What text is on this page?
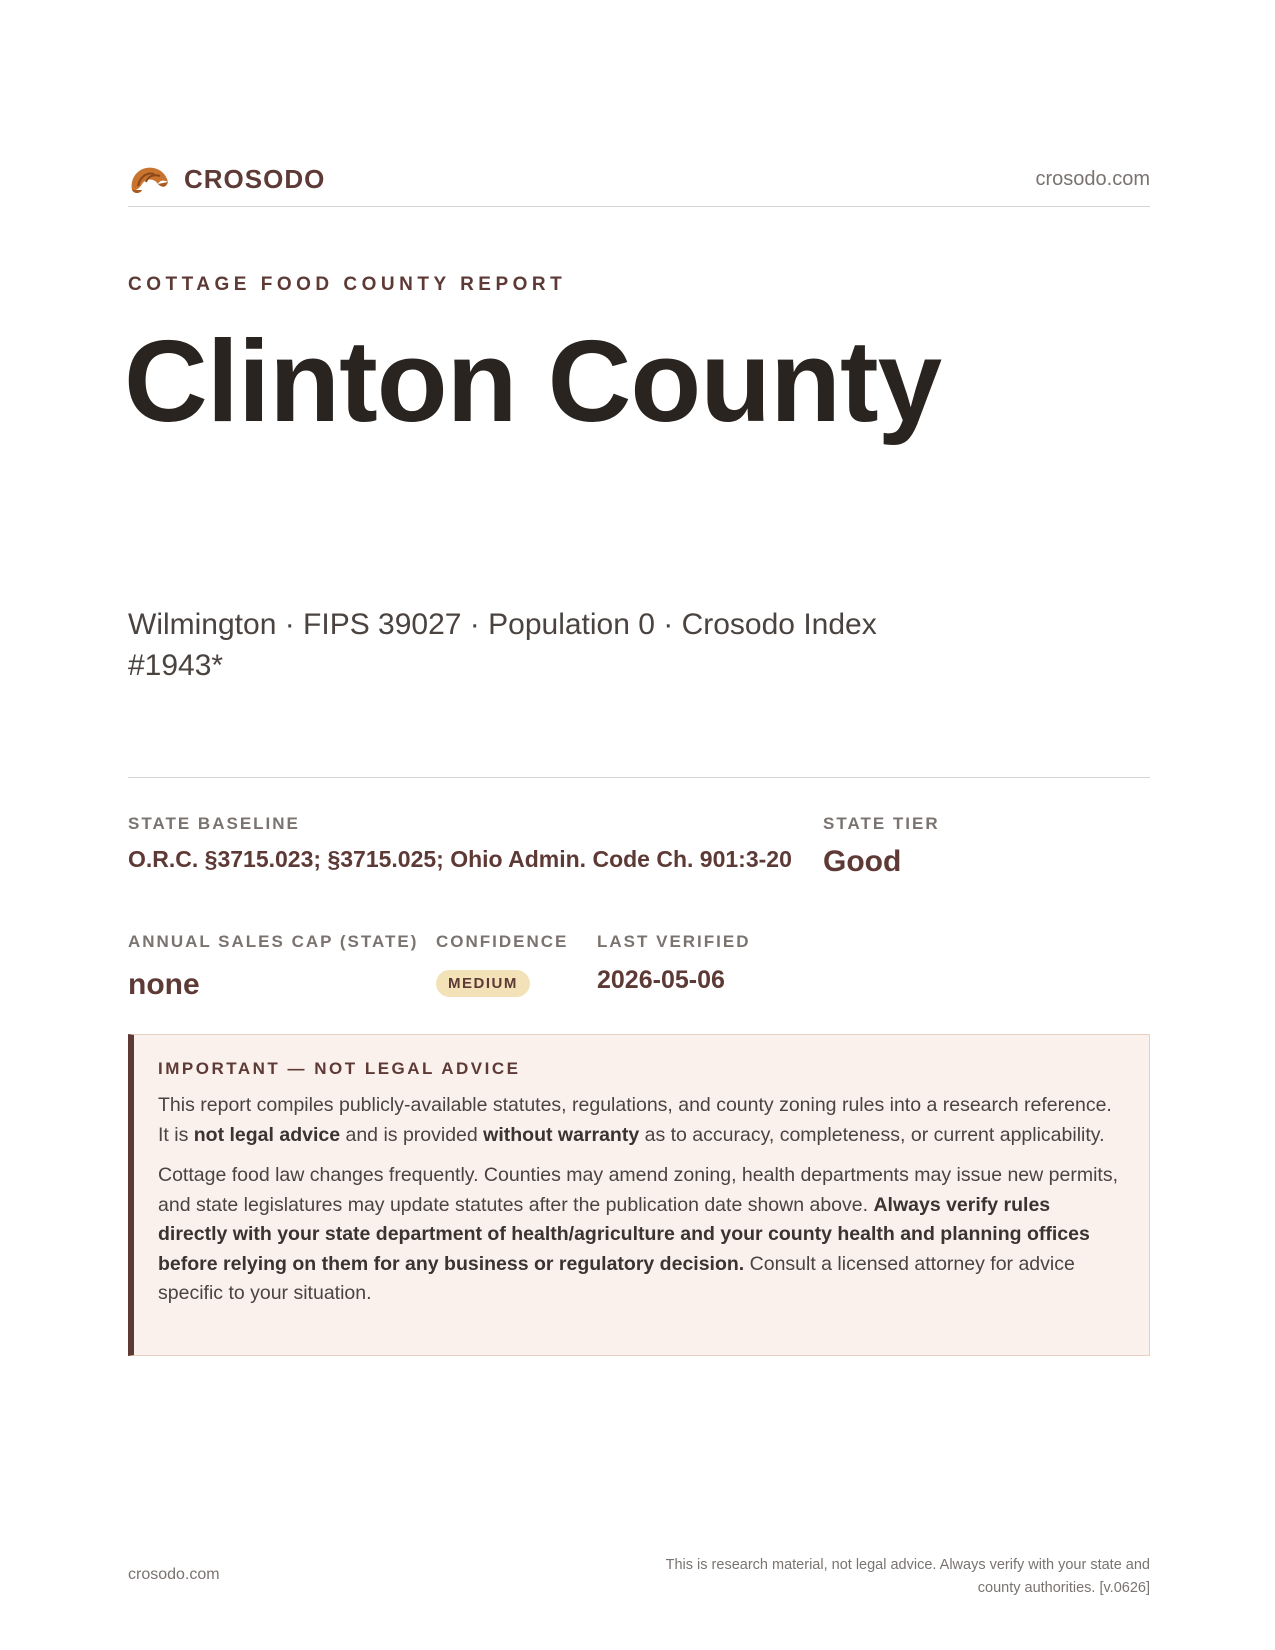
CROSODO	crosodo.com
COTTAGE FOOD COUNTY REPORT
Clinton County
Wilmington · FIPS 39027 · Population 0 · Crosodo Index #1943*
STATE BASELINE
O.R.C. §3715.023; §3715.025; Ohio Admin. Code Ch. 901:3-20
STATE TIER
Good
ANNUAL SALES CAP (STATE)
none
CONFIDENCE
MEDIUM
LAST VERIFIED
2026-05-06
IMPORTANT — NOT LEGAL ADVICE

This report compiles publicly-available statutes, regulations, and county zoning rules into a research reference. It is not legal advice and is provided without warranty as to accuracy, completeness, or current applicability.

Cottage food law changes frequently. Counties may amend zoning, health departments may issue new permits, and state legislatures may update statutes after the publication date shown above. Always verify rules directly with your state department of health/agriculture and your county health and planning offices before relying on them for any business or regulatory decision. Consult a licensed attorney for advice specific to your situation.

crosodo.com
This is research material, not legal advice. Always verify with your state and county authorities. [v.0626]
